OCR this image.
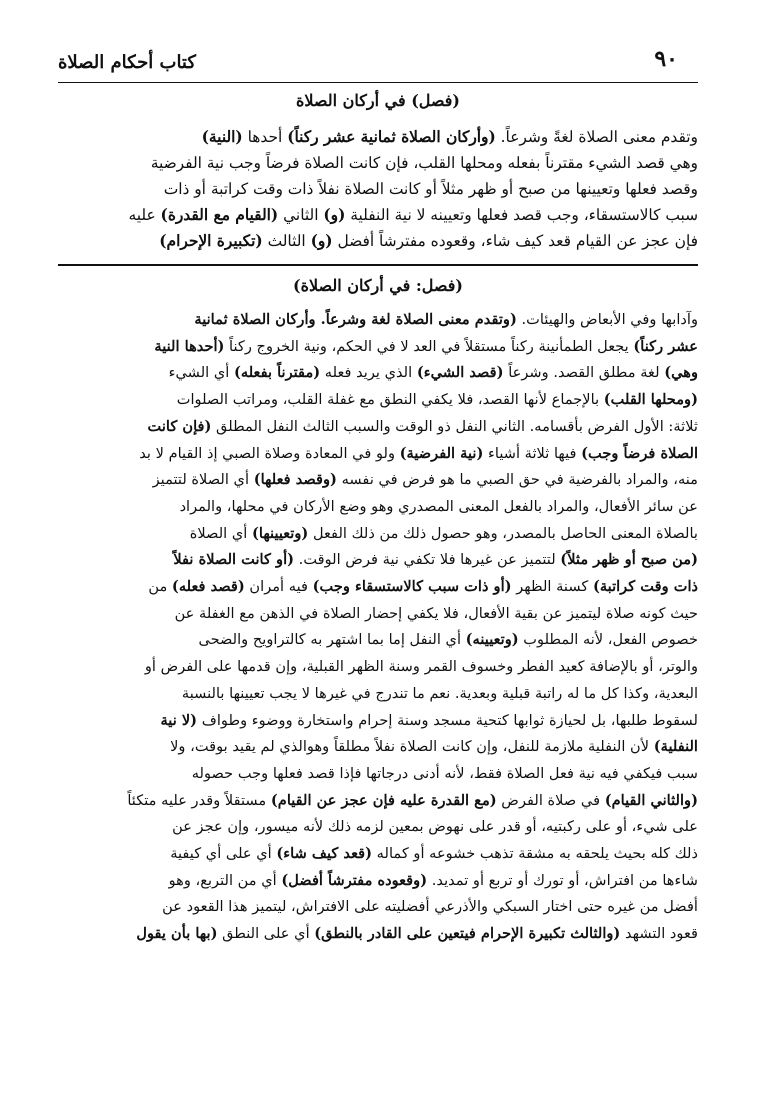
٩٠
كتاب أحكام الصلاة
(فصل) في أركان الصلاة

وتقدم معنى الصلاة لغةً وشرعاً. (وأركان الصلاة ثمانية عشر ركناً) أحدها (النية)

وهي قصد الشيء مقترناً بفعله ومحلها القلب، فإن كانت الصلاة فرضاً وجب نية الفرضية

وقصد فعلها وتعيينها من صبح أو ظهر مثلاً أو كانت الصلاة نفلاً ذات وقت كراتبة أو ذات

سبب كالاستسقاء، وجب قصد فعلها وتعيينه لا نية النفلية (و) الثاني (القيام مع القدرة) عليه

فإن عجز عن القيام قعد كيف شاء، وقعوده مفترشاً أفضل (و) الثالث (تكبيرة الإحرام)

(فصل: في أركان الصلاة)

وآدابها وفي الأبعاض والهيئات. (وتقدم معنى الصلاة لغة وشرعاً. وأركان الصلاة ثمانية

عشر ركناً) يجعل الطمأنينة ركناً مستقلاً في العد لا في الحكم، ونية الخروج ركناً (أحدها النية

وهي) لغة مطلق القصد. وشرعاً (قصد الشيء) الذي يريد فعله (مقترناً بفعله) أي الشيء

(ومحلها القلب) بالإجماع لأنها القصد، فلا يكفي النطق مع غفلة القلب، ومراتب الصلوات

ثلاثة: الأول الفرض بأقسامه. الثاني النفل ذو الوقت والسبب الثالث النفل المطلق (فإن كانت

الصلاة فرضاً وجب) فيها ثلاثة أشياء (نية الفرضية) ولو في المعادة وصلاة الصبي إذ القيام لا بد

منه، والمراد بالفرضية في حق الصبي ما هو فرض في نفسه (وقصد فعلها) أي الصلاة لتتميز

عن سائر الأفعال، والمراد بالفعل المعنى المصدري وهو وضع الأركان في محلها، والمراد

بالصلاة المعنى الحاصل بالمصدر، وهو حصول ذلك من ذلك الفعل (وتعيينها) أي الصلاة

(من صبح أو ظهر مثلاً) لتتميز عن غيرها فلا تكفي نية فرض الوقت. (أو كانت الصلاة نفلاً

ذات وقت كراتبة) كسنة الظهر (أو ذات سبب كالاستسقاء وجب) فيه أمران (قصد فعله) من

حيث كونه صلاة ليتميز عن بقية الأفعال، فلا يكفي إحضار الصلاة في الذهن مع الغفلة عن

خصوص الفعل، لأنه المطلوب (وتعيينه) أي النفل إما بما اشتهر به كالتراويح والضحى

والوتر، أو بالإضافة كعيد الفطر وخسوف القمر وسنة الظهر القبلية، وإن قدمها على الفرض أو

البعدية، وكذا كل ما له راتبة قبلية وبعدية. نعم ما تندرج في غيرها لا يجب تعيينها بالنسبة

لسقوط طلبها، بل لحيازة ثوابها كتحية مسجد وسنة إحرام واستخارة ووضوء وطواف (لا نية

النفلية) لأن النفلية ملازمة للنفل، وإن كانت الصلاة نفلاً مطلقاً وهوالذي لم يقيد بوقت، ولا

سبب فيكفي فيه نية فعل الصلاة فقط، لأنه أدنى درجاتها فإذا قصد فعلها وجب حصوله

(والثاني القيام) في صلاة الفرض (مع القدرة عليه فإن عجز عن القيام) مستقلاً وقدر عليه متكئاً

على شيء، أو على ركبتيه، أو قدر على نهوض بمعين لزمه ذلك لأنه ميسور، وإن عجز عن

ذلك كله بحيث يلحقه به مشقة تذهب خشوعه أو كماله (قعد كيف شاء) أي على أي كيفية

شاءها من افتراش، أو تورك أو تربع أو تمديد. (وقعوده مفترشاً أفضل) أي من التربع، وهو

أفضل من غيره حتى اختار السبكي والأذرعي أفضليته على الافتراش، ليتميز هذا القعود عن

قعود التشهد (والثالث تكبيرة الإحرام فيتعين على القادر بالنطق) أي على النطق (بها بأن يقول
